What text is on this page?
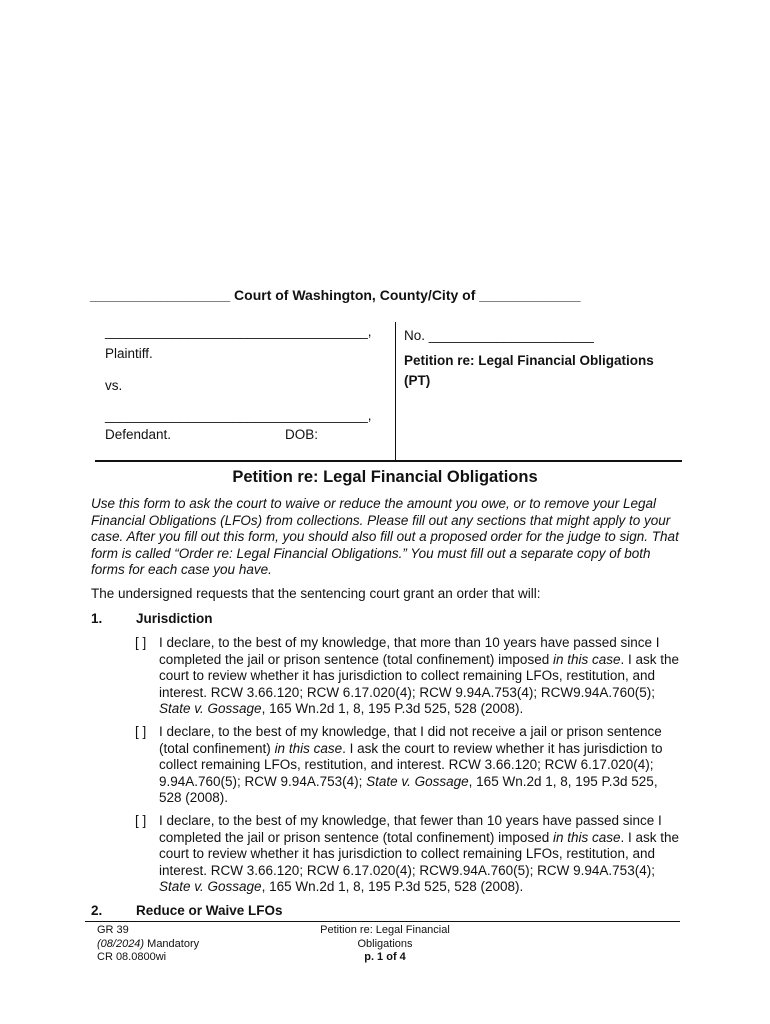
__________________ Court of Washington, County/City of _____________
___________________________________,
Plaintiff.
vs.
___________________________________,
Defendant.	DOB:
No. ______________________
Petition re: Legal Financial Obligations
(PT)
Petition re: Legal Financial Obligations
Use this form to ask the court to waive or reduce the amount you owe, or to remove your Legal Financial Obligations (LFOs) from collections. Please fill out any sections that might apply to your case. After you fill out this form, you should also fill out a proposed order for the judge to sign. That form is called “Order re: Legal Financial Obligations.” You must fill out a separate copy of both forms for each case you have.
The undersigned requests that the sentencing court grant an order that will:
1. Jurisdiction
[ ] I declare, to the best of my knowledge, that more than 10 years have passed since I completed the jail or prison sentence (total confinement) imposed in this case. I ask the court to review whether it has jurisdiction to collect remaining LFOs, restitution, and interest. RCW 3.66.120; RCW 6.17.020(4); RCW 9.94A.753(4); RCW9.94A.760(5); State v. Gossage, 165 Wn.2d 1, 8, 195 P.3d 525, 528 (2008).
[ ] I declare, to the best of my knowledge, that I did not receive a jail or prison sentence (total confinement) in this case. I ask the court to review whether it has jurisdiction to collect remaining LFOs, restitution, and interest. RCW 3.66.120; RCW 6.17.020(4); 9.94A.760(5); RCW 9.94A.753(4); State v. Gossage, 165 Wn.2d 1, 8, 195 P.3d 525, 528 (2008).
[ ] I declare, to the best of my knowledge, that fewer than 10 years have passed since I completed the jail or prison sentence (total confinement) imposed in this case. I ask the court to review whether it has jurisdiction to collect remaining LFOs, restitution, and interest. RCW 3.66.120; RCW 6.17.020(4); RCW9.94A.760(5); RCW 9.94A.753(4); State v. Gossage, 165 Wn.2d 1, 8, 195 P.3d 525, 528 (2008).
2. Reduce or Waive LFOs
GR 39
(08/2024) Mandatory
CR 08.0800wi
Petition re: Legal Financial
Obligations
p. 1 of 4
